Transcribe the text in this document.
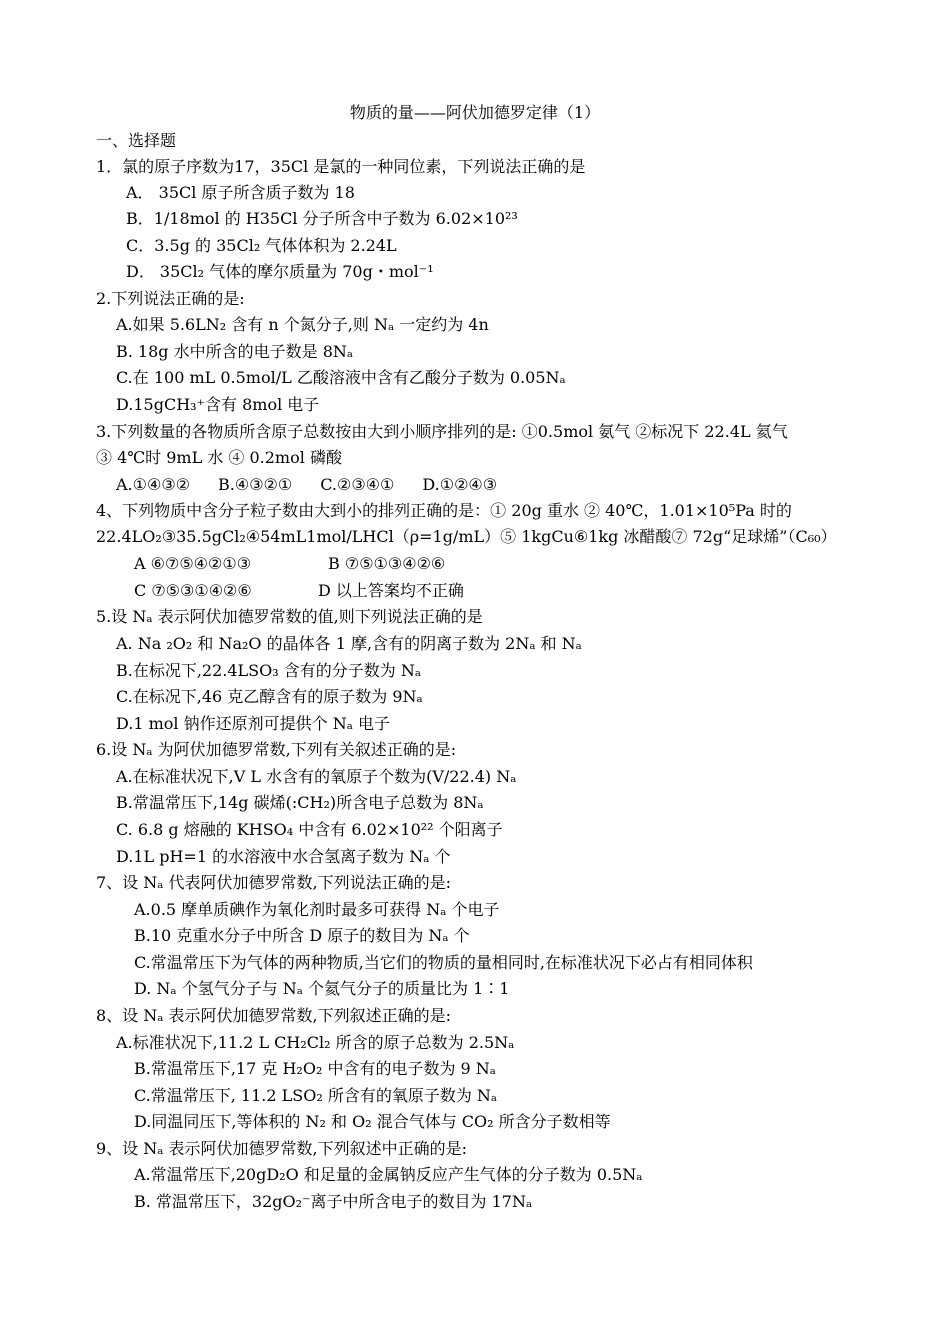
物质的量——阿伏加德罗定律（1）
一、选择题
1．氯的原子序数为17，35Cl 是氯的一种同位素，下列说法正确的是
A． 35Cl 原子所含质子数为 18
B．1/18mol 的 H35Cl 分子所含中子数为 6.02×10²³
C．3.5g 的 35Cl₂ 气体体积为 2.24L
D． 35Cl₂ 气体的摩尔质量为 70g・mol⁻¹
2.下列说法正确的是:
A.如果 5.6LN₂ 含有 n 个氮分子,则 Nₐ 一定约为 4n
B. 18g 水中所含的电子数是 8Nₐ
C.在 100 mL 0.5mol/L 乙酸溶液中含有乙酸分子数为 0.05Nₐ
D.15gCH₃⁺含有 8mol 电子
3.下列数量的各物质所含原子总数按由大到小顺序排列的是: ①0.5mol 氨气 ②标况下 22.4L 氦气
③ 4℃时 9mL 水 ④ 0.2mol 磷酸
A.①④③② B.④③②① C.②③④① D.①②④③
4、下列物质中含分子粒子数由大到小的排列正确的是：① 20g 重水 ② 40℃，1.01×10⁵Pa 时的
22.4LO₂③35.5gCl₂④54mL1mol/LHCl（ρ=1g/mL）⑤ 1kgCu⑥1kg 冰醋酸⑦ 72g“足球烯”（C₆₀）
A ⑥⑦⑤④②①③	B ⑦⑤①③④②⑥
C ⑦⑤③①④②⑥	D 以上答案均不正确
5.设 Nₐ 表示阿伏加德罗常数的值,则下列说法正确的是
A. Na ₂O₂ 和 Na₂O 的晶体各 1 摩,含有的阴离子数为 2Nₐ 和 Nₐ
B.在标况下,22.4LSO₃ 含有的分子数为 Nₐ
C.在标况下,46 克乙醇含有的原子数为 9Nₐ
D.1 mol 钠作还原剂可提供个 Nₐ 电子
6.设 Nₐ 为阿伏加德罗常数,下列有关叙述正确的是:
A.在标准状况下,V L 水含有的氧原子个数为(V/22.4) Nₐ
B.常温常压下,14g 碳烯(:CH₂)所含电子总数为 8Nₐ
C. 6.8 g 熔融的 KHSO₄ 中含有 6.02×10²² 个阳离子
D.1L pH=1 的水溶液中水合氢离子数为 Nₐ 个
7、设 Nₐ 代表阿伏加德罗常数,下列说法正确的是:
A.0.5 摩单质碘作为氧化剂时最多可获得 Nₐ 个电子
B.10 克重水分子中所含 D 原子的数目为 Nₐ 个
C.常温常压下为气体的两种物质,当它们的物质的量相同时,在标准状况下必占有相同体积
D. Nₐ 个氢气分子与 Nₐ 个氦气分子的质量比为 1∶1
8、设 Nₐ 表示阿伏加德罗常数,下列叙述正确的是:
A.标准状况下,11.2 L CH₂Cl₂ 所含的原子总数为 2.5Nₐ
B.常温常压下,17 克 H₂O₂ 中含有的电子数为 9 Nₐ
C.常温常压下, 11.2 LSO₂ 所含有的氧原子数为 Nₐ
D.同温同压下,等体积的 N₂ 和 O₂ 混合气体与 CO₂ 所含分子数相等
9、设 Nₐ 表示阿伏加德罗常数,下列叙述中正确的是:
A.常温常压下,20gD₂O 和足量的金属钠反应产生气体的分子数为 0.5Nₐ
B. 常温常压下，32gO₂⁻离子中所含电子的数目为 17Nₐ
